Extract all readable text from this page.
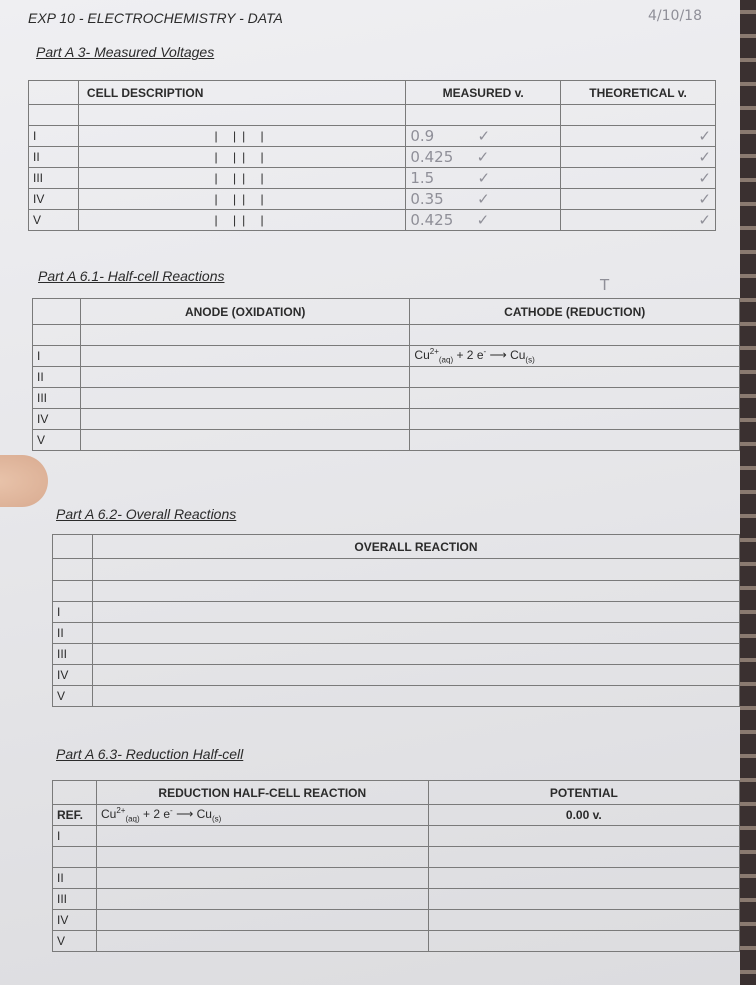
EXP 10 - ELECTROCHEMISTRY - DATA	4/10/18
Part A 3- Measured Voltages
	CELL DESCRIPTION	MEASURED v.	THEORETICAL v.

I	| || |	0.9 ✓	✓
II	| || |	0.425 ✓	✓
III	| || |	1.5 ✓	✓
IV	| || |	0.35 ✓	✓
V	| || |	0.425 ✓	✓
Part A 6.1- Half-cell Reactions	T
	ANODE (OXIDATION)	CATHODE (REDUCTION)

I		$Cu^{2+}_{(aq)} + 2$ e- ⟶ $Cu_{(s)}$
II		
III		
IV		
V		
Part A 6.2- Overall Reactions
	OVERALL REACTION

I	
II	
III	
IV	
V	
Part A 6.3- Reduction Half-cell
	REDUCTION HALF-CELL REACTION	POTENTIAL
REF.	$Cu^{2+}_{(aq)} + 2$ e- ⟶ $Cu_{(s)}$	0.00 v.
I		

II		
III		
IV		
V		
